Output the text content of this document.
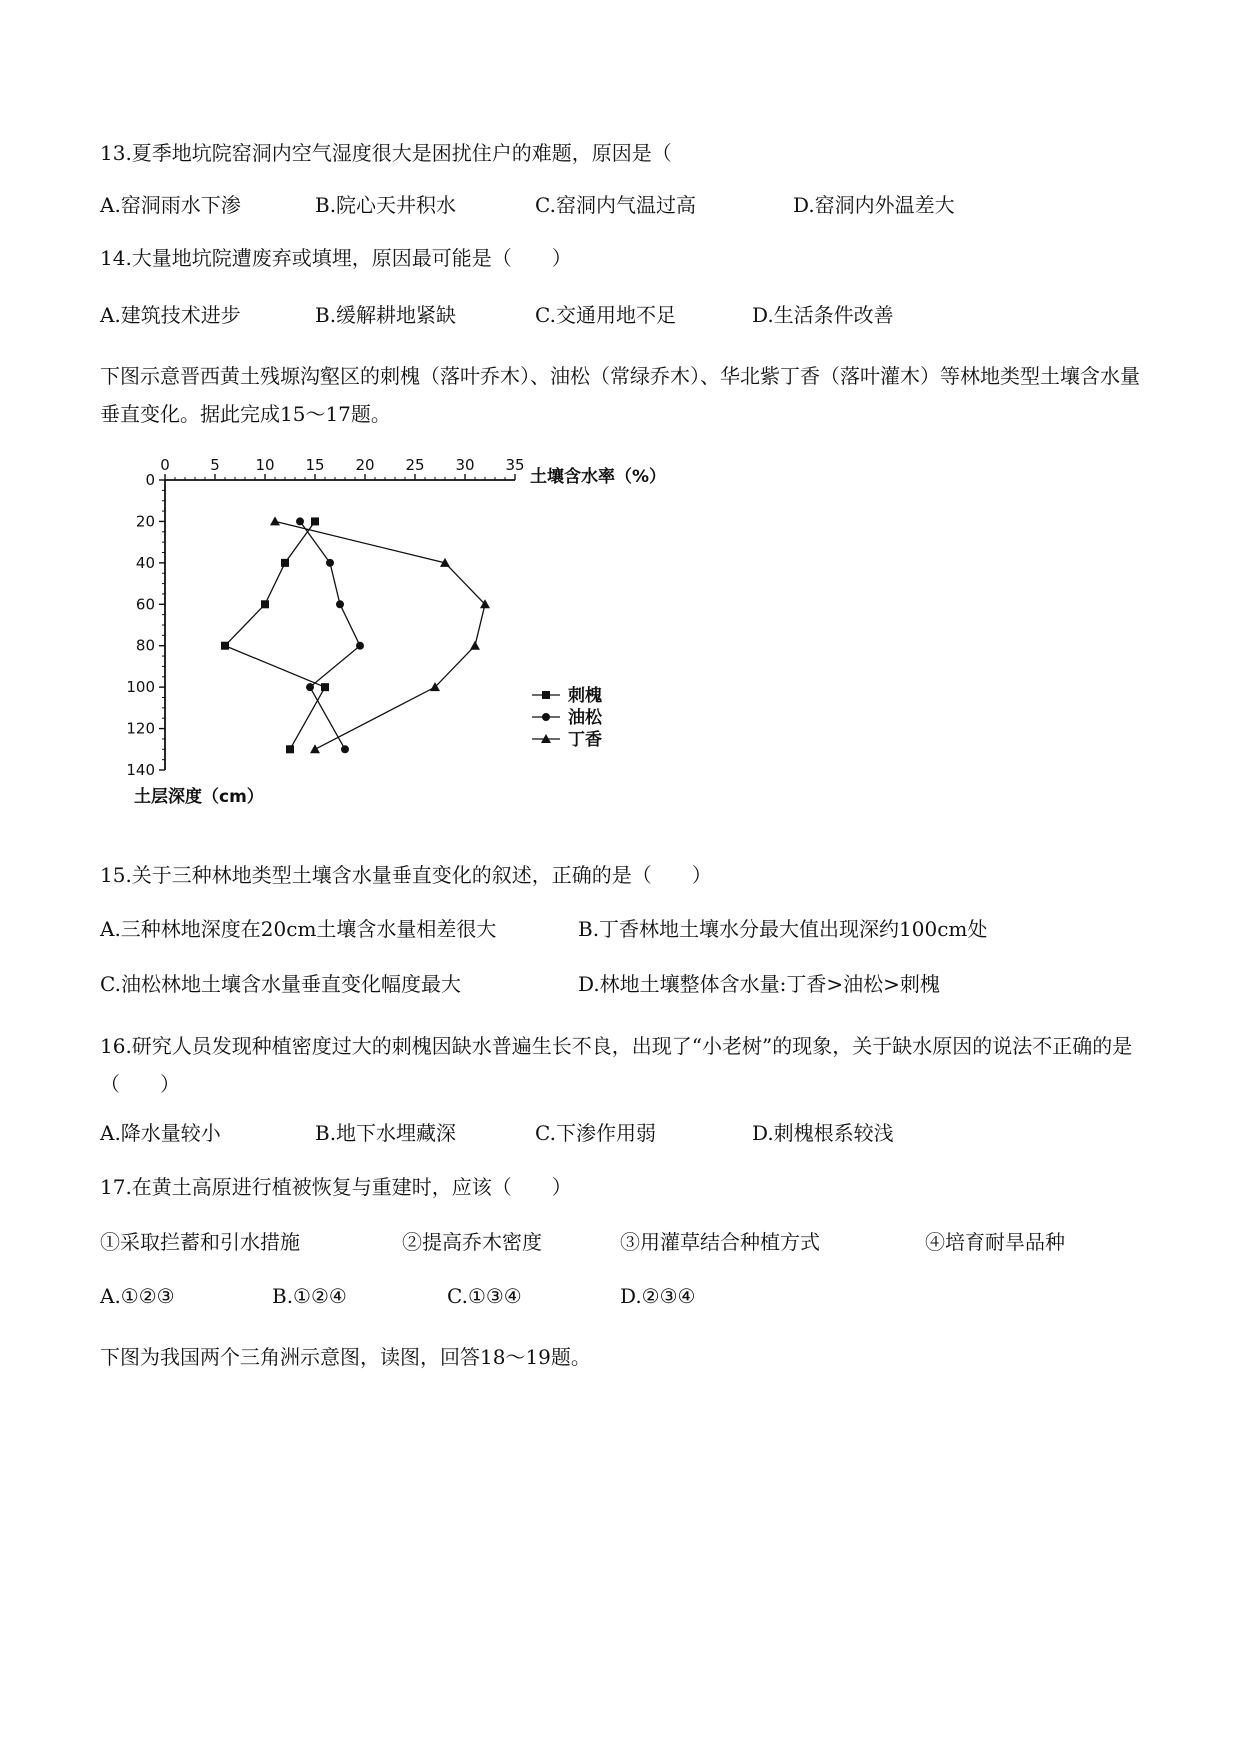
13.夏季地坑院窑洞内空气湿度很大是困扰住户的难题，原因是（
A.窑洞雨水下渗	B.院心天井积水	C.窑洞内气温过高	D.窑洞内外温差大
14.大量地坑院遭废弃或填埋，原因最可能是（　　）
A.建筑技术进步	B.缓解耕地紧缺	C.交通用地不足	D.生活条件改善
下图示意晋西黄土残塬沟壑区的刺槐（落叶乔木）、油松（常绿乔木）、华北紫丁香（落叶灌木）等林地类型土壤含水量垂直变化。据此完成15～17题。
0	5 10 15 20 25 30 35
0
20
40
60
80
100
120
140
刺槐
油松
丁香
土壤含水率（%）
土层深度（cm）
15.关于三种林地类型土壤含水量垂直变化的叙述，正确的是（　　）
A.三种林地深度在20cm土壤含水量相差很大	B.丁香林地土壤水分最大值出现深约100cm处
C.油松林地土壤含水量垂直变化幅度最大	D.林地土壤整体含水量:丁香>油松>刺槐
16.研究人员发现种植密度过大的刺槐因缺水普遍生长不良，出现了“小老树”的现象，关于缺水原因的说法不正确的是（　　）
A.降水量较小	B.地下水埋藏深	C.下渗作用弱	D.刺槐根系较浅
17.在黄土高原进行植被恢复与重建时，应该（　　）
①采取拦蓄和引水措施	②提高乔木密度	③用灌草结合种植方式	④培育耐旱品种
A.①②③	B.①②④	C.①③④	D.②③④
下图为我国两个三角洲示意图，读图，回答18～19题。
